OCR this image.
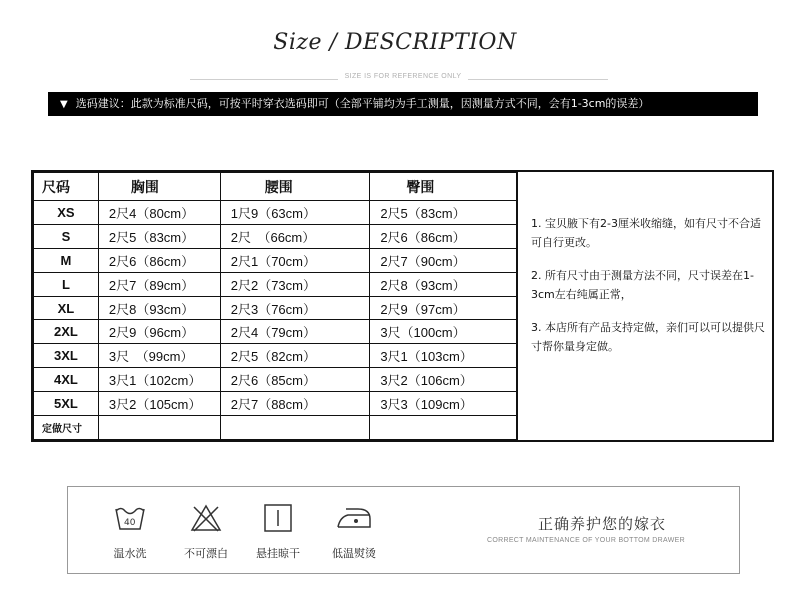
Size / DESCRIPTION
SIZE IS FOR REFERENCE ONLY
▼ 选码建议：此款为标准尺码，可按平时穿衣选码即可（全部平铺均为手工测量，因测量方式不同，会有1-3cm的误差）
尺码	胸围	腰围	臀围
XS	2尺4（80cm）	1尺9（63cm）	2尺5（83cm）
S	2尺5（83cm）	2尺　（66cm）	2尺6（86cm）
M	2尺6（86cm）	2尺1（70cm）	2尺7（90cm）
L	2尺7（89cm）	2尺2（73cm）	2尺8（93cm）
XL	2尺8（93cm）	2尺3（76cm）	2尺9（97cm）
2XL	2尺9（96cm）	2尺4（79cm）	3尺（100cm）
3XL	3尺　（99cm）	2尺5（82cm）	3尺1（103cm）
4XL	3尺1（102cm）	2尺6（85cm）	3尺2（106cm）
5XL	3尺2（105cm）	2尺7（88cm）	3尺3（109cm）
定做尺寸			

1. 宝贝腋下有2-3厘米收缩缝，如有尺寸不合适可自行更改。

2. 所有尺寸由于测量方法不同，尺寸误差在1-3cm左右纯属正常，

3. 本店所有产品支持定做，亲们可以可以提供尺寸帮你量身定做。

40
温水洗	不可漂白	悬挂晾干	低温熨烫
正确养护您的嫁衣
CORRECT MAINTENANCE OF YOUR BOTTOM DRAWER
